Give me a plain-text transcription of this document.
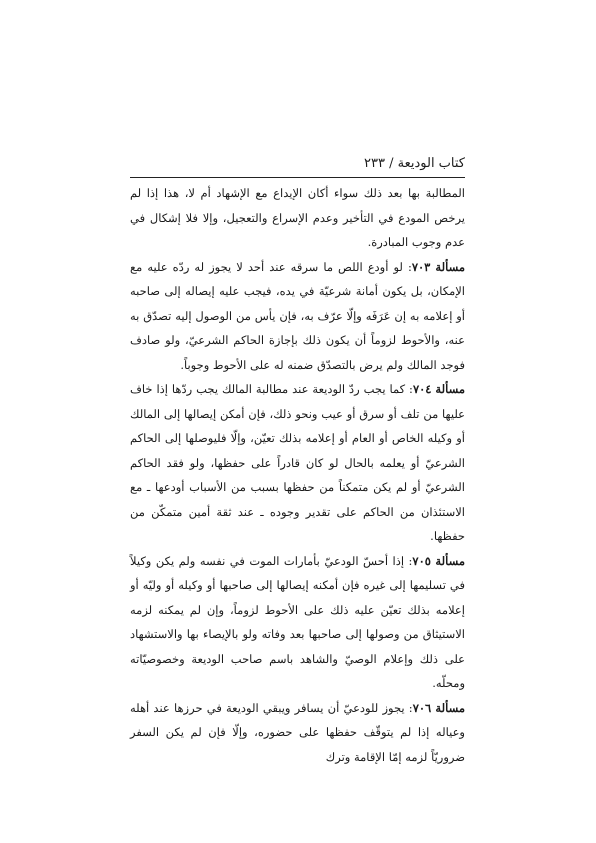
كتاب الوديعة / ٢٣٣

المطالبة بها بعد ذلك سواء أكان الإيداع مع الإشهاد أم لا، هذا إذا لم يرخص المودع في التأخير وعدم الإسراع والتعجيل، وإلا فلا إشكال في عدم وجوب المبادرة.

مسألة ٧٠٣: لو أودع اللص ما سرقه عند أحد لا يجوز له ردّه عليه مع الإمكان، بل يكون أمانة شرعيّة في يده، فيجب عليه إيصاله إلى صاحبه أو إعلامه به إن عَرَفَه وإلّا عرّف به، فإن يأس من الوصول إليه تصدّق به عنه، والأحوط لزوماً أن يكون ذلك بإجازة الحاكم الشرعيّ، ولو صادف فوجد المالك ولم يرض بالتصدّق ضمنه له على الأحوط وجوباً.

مسألة ٧٠٤: كما يجب ردّ الوديعة عند مطالبة المالك يجب ردّها إذا خاف عليها من تلف أو سرق أو عيب ونحو ذلك، فإن أمكن إيصالها إلى المالك أو وكيله الخاص أو العام أو إعلامه بذلك تعيّن، وإلّا فليوصلها إلى الحاكم الشرعيّ أو يعلمه بالحال لو كان قادراً على حفظها، ولو فقد الحاكم الشرعيّ أو لم يكن متمكناً من حفظها بسبب من الأسباب أودعها ـ مع الاستئذان من الحاكم على تقدير وجوده ـ عند ثقة أمين متمكّن من حفظها.

مسألة ٧٠٥: إذا أحسّ الودعيّ بأمارات الموت في نفسه ولم يكن وكيلاً في تسليمها إلى غيره فإن أمكنه إيصالها إلى صاحبها أو وكيله أو وليّه أو إعلامه بذلك تعيّن عليه ذلك على الأحوط لزوماً، وإن لم يمكنه لزمه الاستيثاق من وصولها إلى صاحبها بعد وفاته ولو بالإيصاء بها والاستشهاد على ذلك وإعلام الوصيّ والشاهد باسم صاحب الوديعة وخصوصيّاته ومحلّه.

مسألة ٧٠٦: يجوز للودعيّ أن يسافر ويبقي الوديعة في حرزها عند أهله وعياله إذا لم يتوقّف حفظها على حضوره، وإلّا فإن لم يكن السفر ضروريّاً لزمه إمّا الإقامة وترك
